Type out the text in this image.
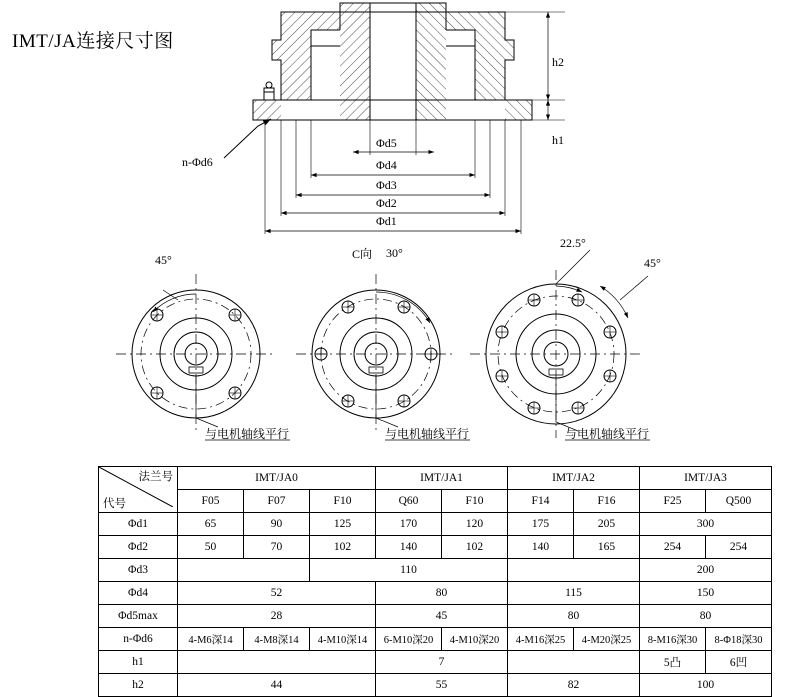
IMT/JA连接尺寸图
h2
h1
n-Φd6
Φd5
Φd4
Φd3
Φd2
Φd1
45°	C向 30°
22.5°
45°
与电机轴线平行	与电机轴线平行	与电机轴线平行
法兰号
代号	IMT/JA0			IMT/JA1		IMT/JA2		IMT/JA3	
	F05	F07	F10	Q60	F10	F14	F16	F25	Q500
Φd1	65	90	125	170	120	175	205	300	
Φd2	50	70	102	140	102	140	165	254	254
Φd3			110					200	
Φd4	52			80		115		150	
Φd5max	28			45		80		80	
n-Φd6	4-M6深14	4-M8深14	4-M10深14	6-M10深20	4-M10深20	4-M16深25	4-M20深25	8-M16深30	8-Φ18深30
h1				7				5凸	6凹
h2	44			55		82		100	
